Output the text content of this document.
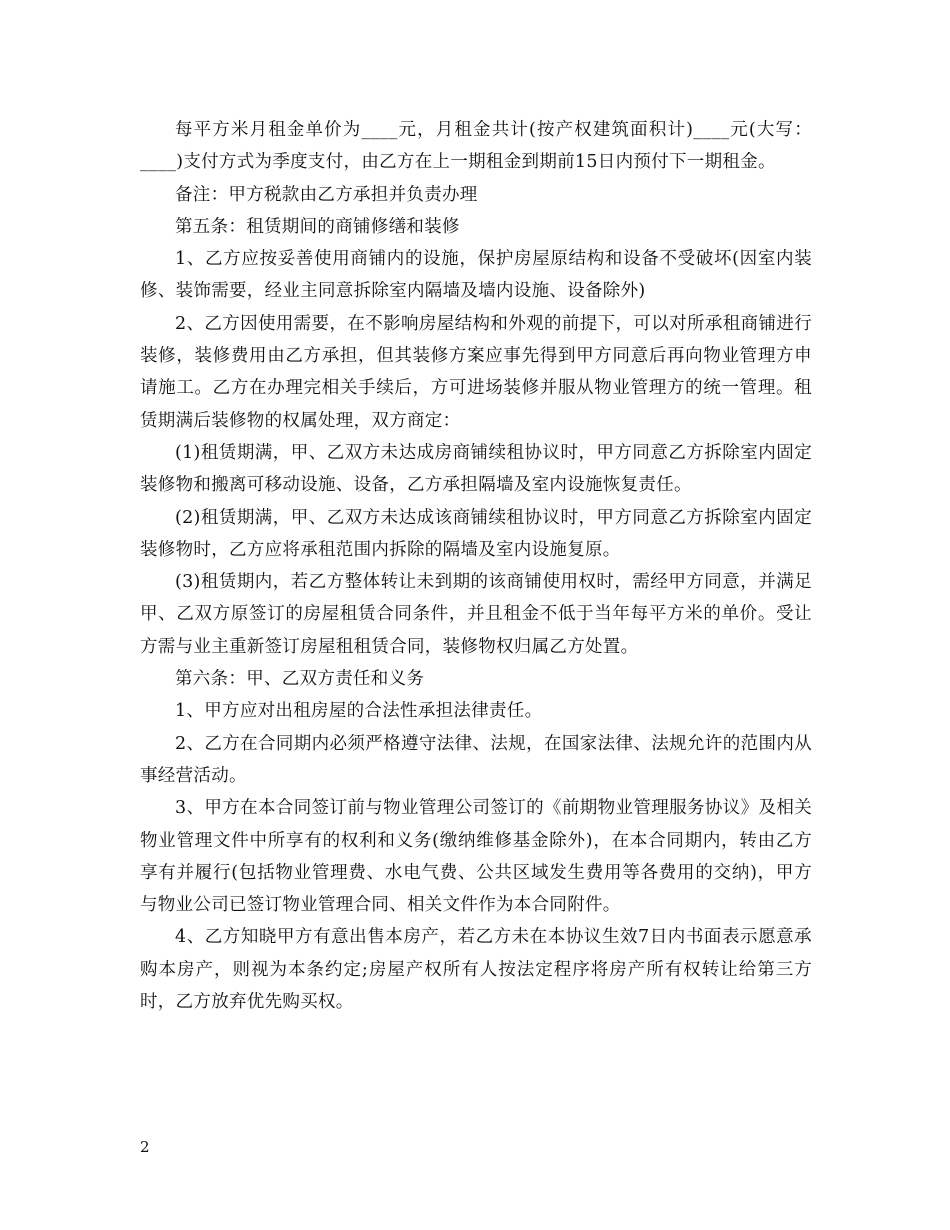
每平方米月租金单价为____元，月租金共计(按产权建筑面积计)____元(大写：____)支付方式为季度支付，由乙方在上一期租金到期前15日内预付下一期租金。

备注：甲方税款由乙方承担并负责办理

第五条：租赁期间的商铺修缮和装修

1、乙方应按妥善使用商铺内的设施，保护房屋原结构和设备不受破坏(因室内装修、装饰需要，经业主同意拆除室内隔墙及墙内设施、设备除外)

2、乙方因使用需要，在不影响房屋结构和外观的前提下，可以对所承租商铺进行装修，装修费用由乙方承担，但其装修方案应事先得到甲方同意后再向物业管理方申请施工。乙方在办理完相关手续后，方可进场装修并服从物业管理方的统一管理。租赁期满后装修物的权属处理，双方商定：

(1)租赁期满，甲、乙双方未达成房商铺续租协议时，甲方同意乙方拆除室内固定装修物和搬离可移动设施、设备，乙方承担隔墙及室内设施恢复责任。

(2)租赁期满，甲、乙双方未达成该商铺续租协议时，甲方同意乙方拆除室内固定装修物时，乙方应将承租范围内拆除的隔墙及室内设施复原。

(3)租赁期内，若乙方整体转让未到期的该商铺使用权时，需经甲方同意，并满足甲、乙双方原签订的房屋租赁合同条件，并且租金不低于当年每平方米的单价。受让方需与业主重新签订房屋租租赁合同，装修物权归属乙方处置。

第六条：甲、乙双方责任和义务

1、甲方应对出租房屋的合法性承担法律责任。

2、乙方在合同期内必须严格遵守法律、法规，在国家法律、法规允许的范围内从事经营活动。

3、甲方在本合同签订前与物业管理公司签订的《前期物业管理服务协议》及相关物业管理文件中所享有的权利和义务(缴纳维修基金除外)，在本合同期内，转由乙方享有并履行(包括物业管理费、水电气费、公共区域发生费用等各费用的交纳)，甲方与物业公司已签订物业管理合同、相关文件作为本合同附件。

4、乙方知晓甲方有意出售本房产，若乙方未在本协议生效7日内书面表示愿意承购本房产，则视为本条约定;房屋产权所有人按法定程序将房产所有权转让给第三方时，乙方放弃优先购买权。

2
